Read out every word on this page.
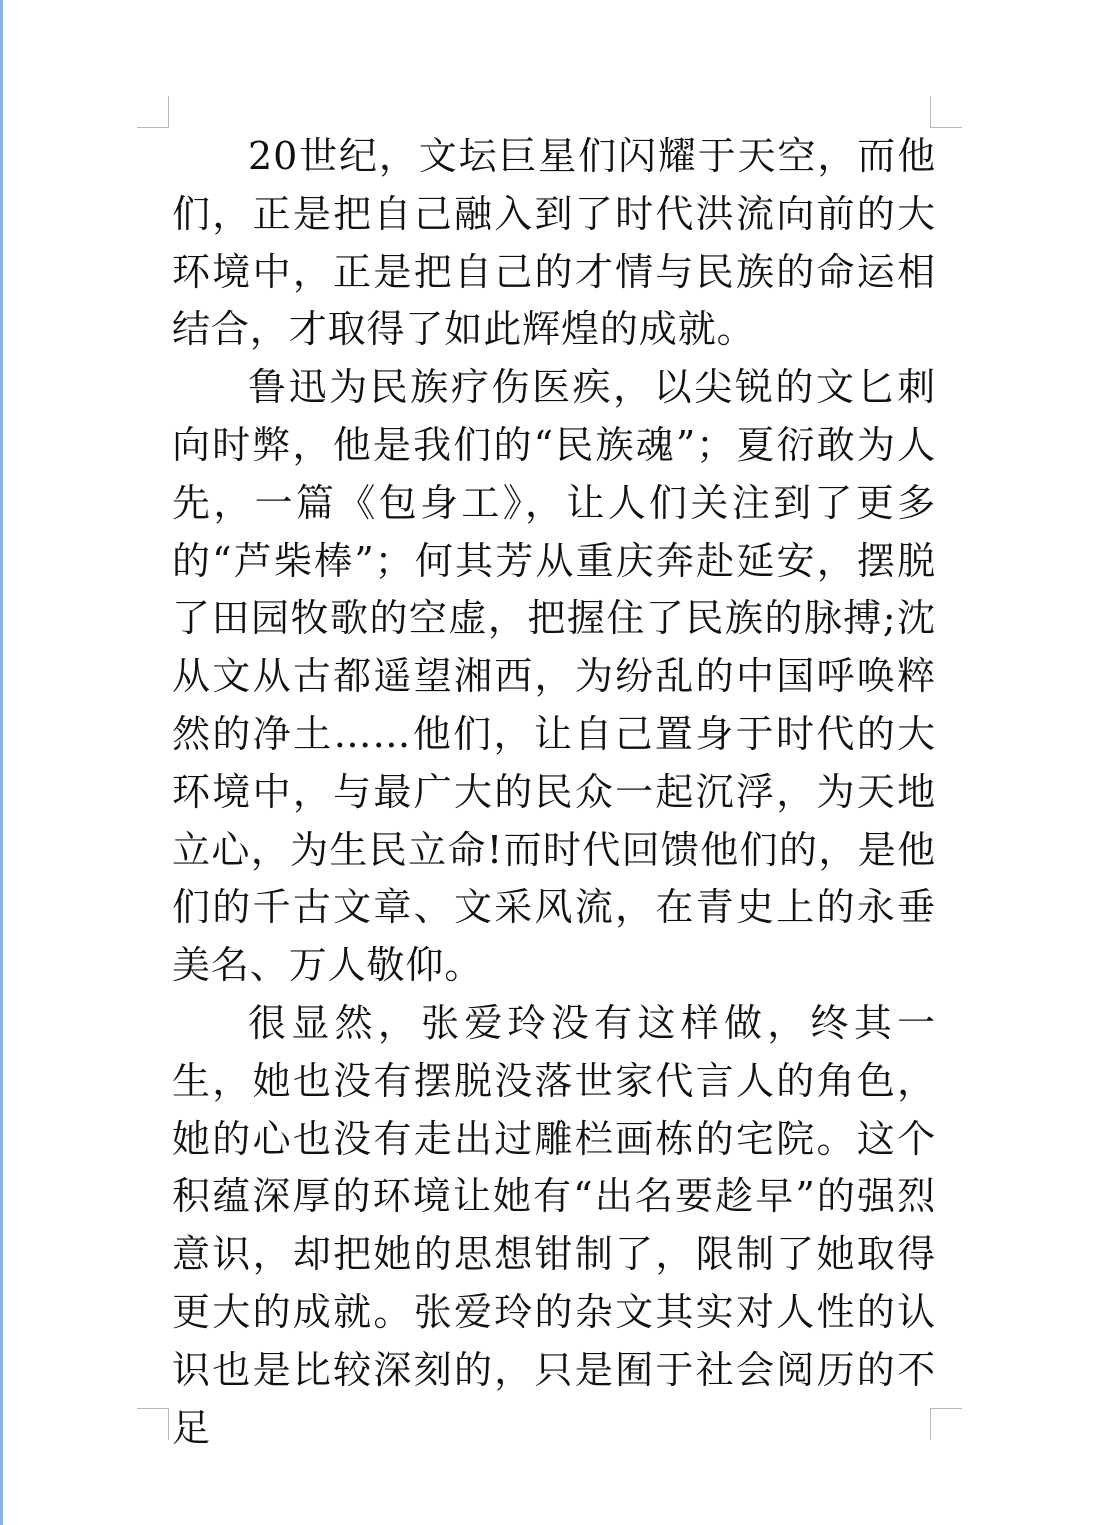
20世纪，文坛巨星们闪耀于天空，而他们，正是把自己融入到了时代洪流向前的大环境中，正是把自己的才情与民族的命运相结合，才取得了如此辉煌的成就。

鲁迅为民族疗伤医疾，以尖锐的文匕刺向时弊，他是我们的“民族魂”；夏衍敢为人先，一篇《包身工》，让人们关注到了更多的“芦柴棒”；何其芳从重庆奔赴延安，摆脱了田园牧歌的空虚，把握住了民族的脉搏;沈从文从古都遥望湘西，为纷乱的中国呼唤粹然的净土……他们，让自己置身于时代的大环境中，与最广大的民众一起沉浮，为天地立心，为生民立命!而时代回馈他们的，是他们的千古文章、文采风流，在青史上的永垂美名、万人敬仰。

很显然，张爱玲没有这样做，终其一生，她也没有摆脱没落世家代言人的角色，她的心也没有走出过雕栏画栋的宅院。这个积蕴深厚的环境让她有“出名要趁早”的强烈意识，却把她的思想钳制了，限制了她取得更大的成就。张爱玲的杂文其实对人性的认识也是比较深刻的，只是囿于社会阅历的不足
